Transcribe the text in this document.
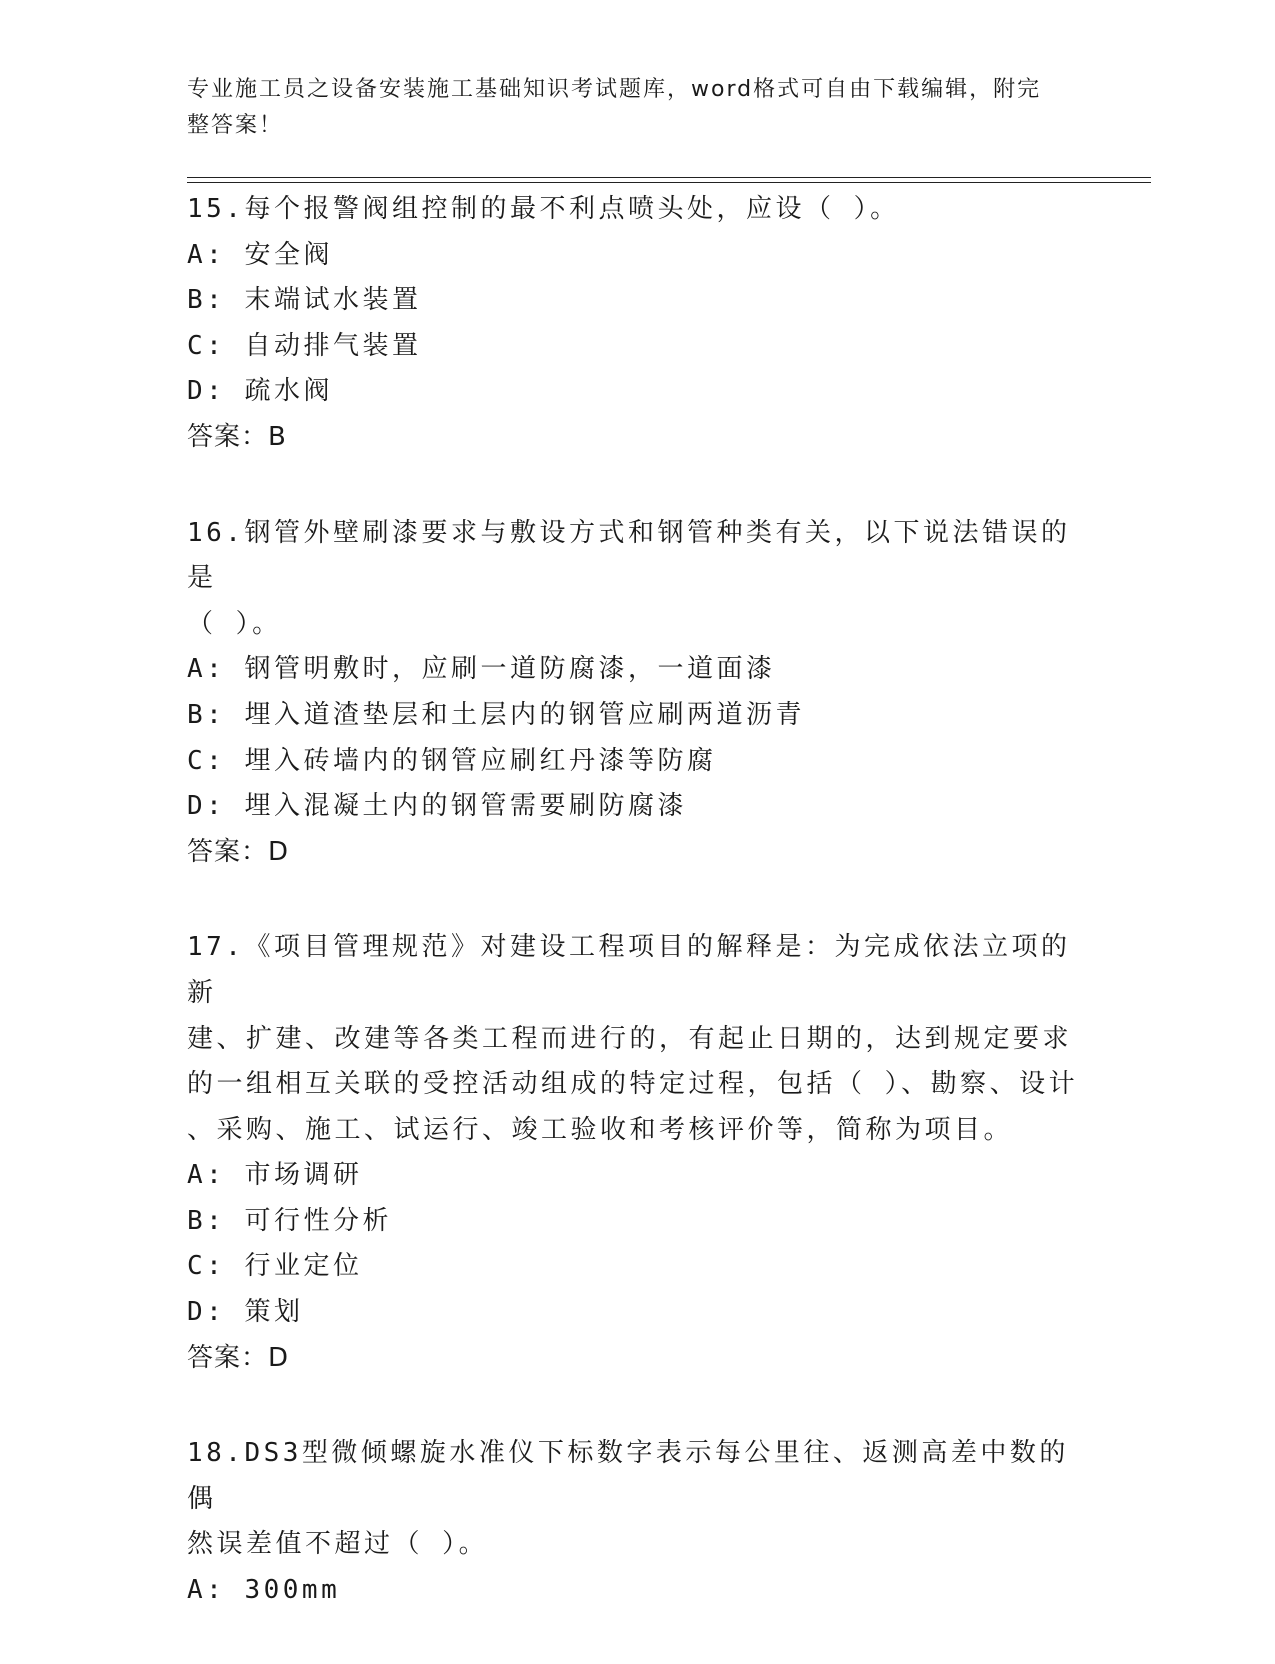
专业施工员之设备安装施工基础知识考试题库，word格式可自由下载编辑，附完
整答案！

15.每个报警阀组控制的最不利点喷头处，应设（ ）。

A: 安全阀

B: 末端试水装置

C: 自动排气装置

D: 疏水阀

答案：B

16.钢管外壁刷漆要求与敷设方式和钢管种类有关，以下说法错误的是

（ ）。

A: 钢管明敷时，应刷一道防腐漆，一道面漆

B: 埋入道渣垫层和土层内的钢管应刷两道沥青

C: 埋入砖墙内的钢管应刷红丹漆等防腐

D: 埋入混凝土内的钢管需要刷防腐漆

答案：D

17.《项目管理规范》对建设工程项目的解释是：为完成依法立项的新

建、扩建、改建等各类工程而进行的，有起止日期的，达到规定要求

的一组相互关联的受控活动组成的特定过程，包括（ ）、勘察、设计

、采购、施工、试运行、竣工验收和考核评价等，简称为项目。

A: 市场调研

B: 可行性分析

C: 行业定位

D: 策划

答案：D

18.DS3型微倾螺旋水准仪下标数字表示每公里往、返测高差中数的偶

然误差值不超过（ ）。

A: 300mm
